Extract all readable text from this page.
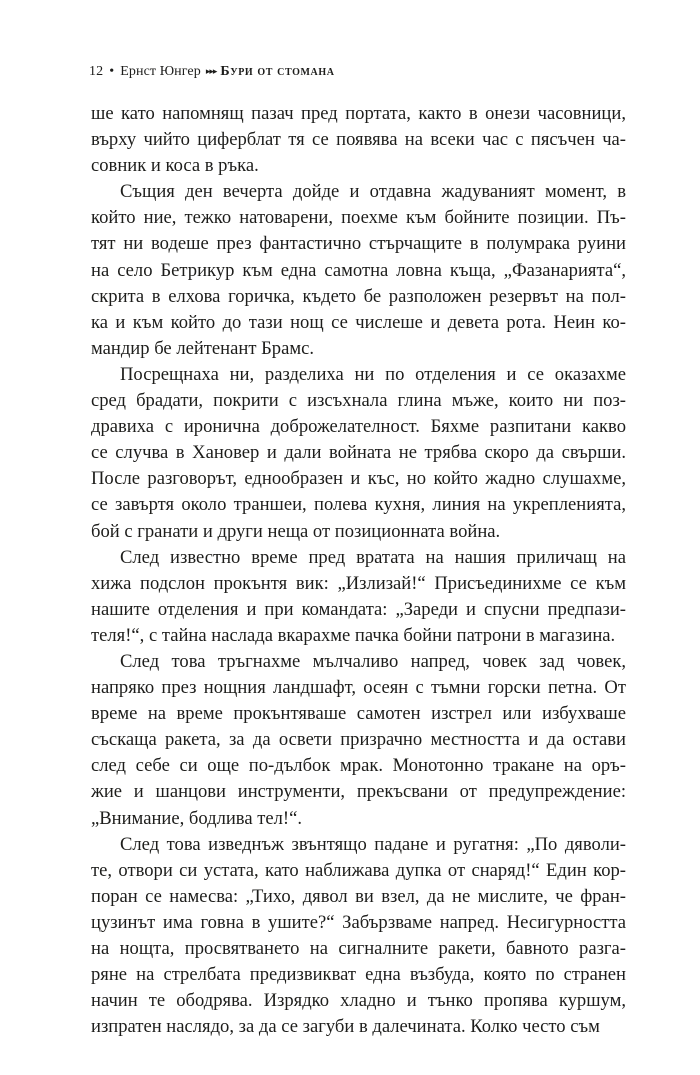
12 • Ернст Юнгер ▸▸▸ Бури от стомана
ше като напомнящ пазач пред портата, както в онези часовници,
върху чийто циферблат тя се появява на всеки час с пясъчен ча-
совник и коса в ръка.
Същия ден вечерта дойде и отдавна жадуваният момент, в
който ние, тежко натоварени, поехме към бойните позиции. Пъ-
тят ни водеше през фантастично стърчащите в полумрака руини
на село Бетрикур към една самотна ловна къща, „Фазанарията“,
скрита в елхова горичка, където бе разположен резервът на пол-
ка и към който до тази нощ се числеше и девета рота. Неин ко-
мандир бе лейтенант Брамс.
Посрещнаха ни, разделиха ни по отделения и се оказахме
сред брадати, покрити с изсъхнала глина мъже, които ни поз-
дравиха с иронична доброжелателност. Бяхме разпитани какво
се случва в Хановер и дали войната не трябва скоро да свърши.
После разговорът, еднообразен и къс, но който жадно слушахме,
се завъртя около траншеи, полева кухня, линия на укрепленията,
бой с гранати и други неща от позиционната война.
След известно време пред вратата на нашия приличащ на
хижа подслон прокънтя вик: „Излизай!“ Присъединихме се към
нашите отделения и при командата: „Зареди и спусни предпази-
теля!“, с тайна наслада вкарахме пачка бойни патрони в магазина.
След това тръгнахме мълчаливо напред, човек зад човек,
напряко през нощния ландшафт, осеян с тъмни горски петна. От
време на време прокънтяваше самотен изстрел или избухваше
съскаща ракета, за да освети призрачно местността и да остави
след себе си още по-дълбок мрак. Монотонно тракане на оръ-
жие и шанцови инструменти, прекъсвани от предупреждение:
„Внимание, бодлива тел!“.
След това изведнъж звънтящо падане и ругатня: „По дяволи-
те, отвори си устата, като наближава дупка от снаряд!“ Един кор-
поран се намесва: „Тихо, дявол ви взел, да не мислите, че фран-
цузинът има говна в ушите?“ Забързваме напред. Несигурността
на нощта, просвятването на сигналните ракети, бавното разга-
ряне на стрелбата предизвикват една възбуда, която по странен
начин те ободрява. Изрядко хладно и тънко пропява куршум,
изпратен наслядо, за да се загуби в далечината. Колко често съм
